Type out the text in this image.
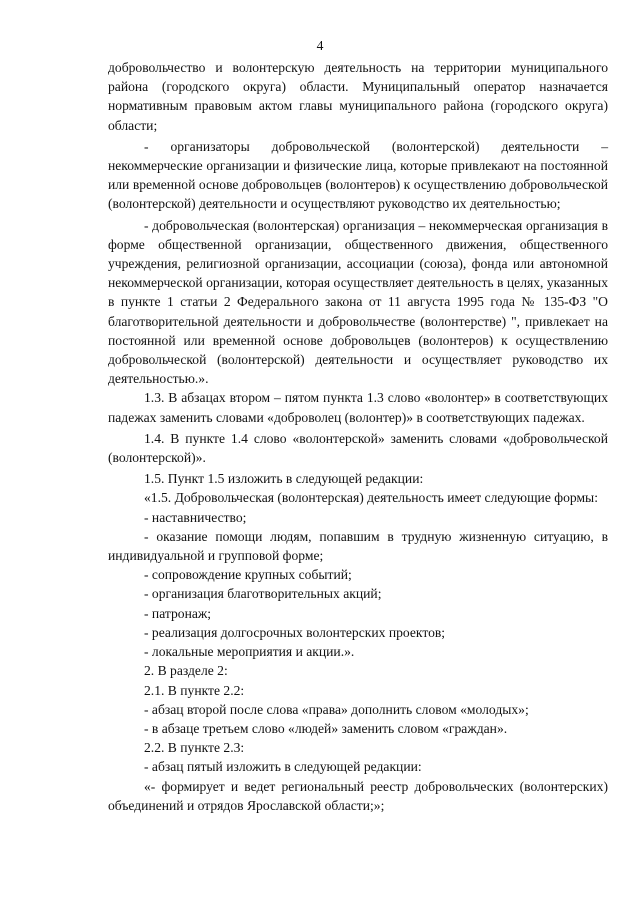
4

добровольчество и волонтерскую деятельность на территории муниципального района (городского округа) области. Муниципальный оператор назначается нормативным правовым актом главы муниципального района (городского округа) области;

- организаторы добровольческой (волонтерской) деятельности – некоммерческие организации и физические лица, которые привлекают на постоянной или временной основе добровольцев (волонтеров) к осуществлению добровольческой (волонтерской) деятельности и осуществляют руководство их деятельностью;

- добровольческая (волонтерская) организация – некоммерческая организация в форме общественной организации, общественного движения, общественного учреждения, религиозной организации, ассоциации (союза), фонда или автономной некоммерческой организации, которая осуществляет деятельность в целях, указанных в пункте 1 статьи 2 Федерального закона от 11 августа 1995 года № 135-ФЗ "О благотворительной деятельности и добровольчестве (волонтерстве) ", привлекает на постоянной или временной основе добровольцев (волонтеров) к осуществлению добровольческой (волонтерской) деятельности и осуществляет руководство их деятельностью.».

1.3. В абзацах втором – пятом пункта 1.3 слово «волонтер» в соответствующих падежах заменить словами «доброволец (волонтер)» в соответствующих падежах.

1.4. В пункте 1.4 слово «волонтерской» заменить словами «добровольческой (волонтерской)».

1.5. Пункт 1.5 изложить в следующей редакции:

«1.5. Добровольческая (волонтерская) деятельность имеет следующие формы:

- наставничество;

- оказание помощи людям, попавшим в трудную жизненную ситуацию, в индивидуальной и групповой форме;

- сопровождение крупных событий;

- организация благотворительных акций;

- патронаж;

- реализация долгосрочных волонтерских проектов;

- локальные мероприятия и акции.».

2. В разделе 2:

2.1. В пункте 2.2:

- абзац второй после слова «права» дополнить словом «молодых»;

- в абзаце третьем слово «людей» заменить словом «граждан».

2.2. В пункте 2.3:

- абзац пятый изложить в следующей редакции:

«- формирует и ведет региональный реестр добровольческих (волонтерских) объединений и отрядов Ярославской области;»;
